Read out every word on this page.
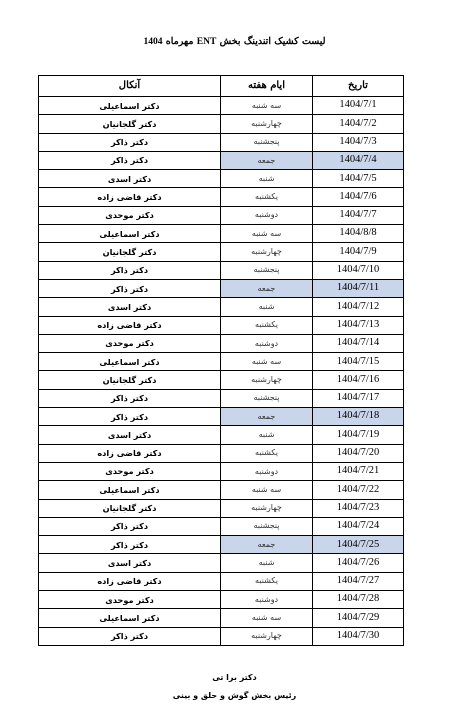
لیست کشیک اتندینگ بخش ENT مهرماه 1404
آنکال	ایام هفته	تاریخ
دکتر اسماعیلی	سه شنبه	1404/7/1
دکتر گلجانیان	چهارشنبه	1404/7/2
دکتر ذاکر	پنجشنبه	1404/7/3
دکتر ذاکر	جمعه	1404/7/4
دکتر اسدی	شنبه	1404/7/5
دکتر قاضی زاده	یکشنبه	1404/7/6
دکتر موحدی	دوشنبه	1404/7/7
دکتر اسماعیلی	سه شنبه	1404/8/8
دکتر گلجانیان	چهارشنبه	1404/7/9
دکتر ذاکر	پنجشنبه	1404/7/10
دکتر ذاکر	جمعه	1404/7/11
دکتر اسدی	شنبه	1404/7/12
دکتر قاضی زاده	یکشنبه	1404/7/13
دکتر موحدی	دوشنبه	1404/7/14
دکتر اسماعیلی	سه شنبه	1404/7/15
دکتر گلجانیان	چهارشنبه	1404/7/16
دکتر ذاکر	پنجشنبه	1404/7/17
دکتر ذاکر	جمعه	1404/7/18
دکتر اسدی	شنبه	1404/7/19
دکتر قاضی زاده	یکشنبه	1404/7/20
دکتر موحدی	دوشنبه	1404/7/21
دکتر اسماعیلی	سه شنبه	1404/7/22
دکتر گلجانیان	چهارشنبه	1404/7/23
دکتر ذاکر	پنجشنبه	1404/7/24
دکتر ذاکر	جمعه	1404/7/25
دکتر اسدی	شنبه	1404/7/26
دکتر قاضی زاده	یکشنبه	1404/7/27
دکتر موحدی	دوشنبه	1404/7/28
دکتر اسماعیلی	سه شنبه	1404/7/29
دکتر ذاکر	چهارشنبه	1404/7/30
دکتر برا تی
رئیس بخش گوش و حلق و بینی
